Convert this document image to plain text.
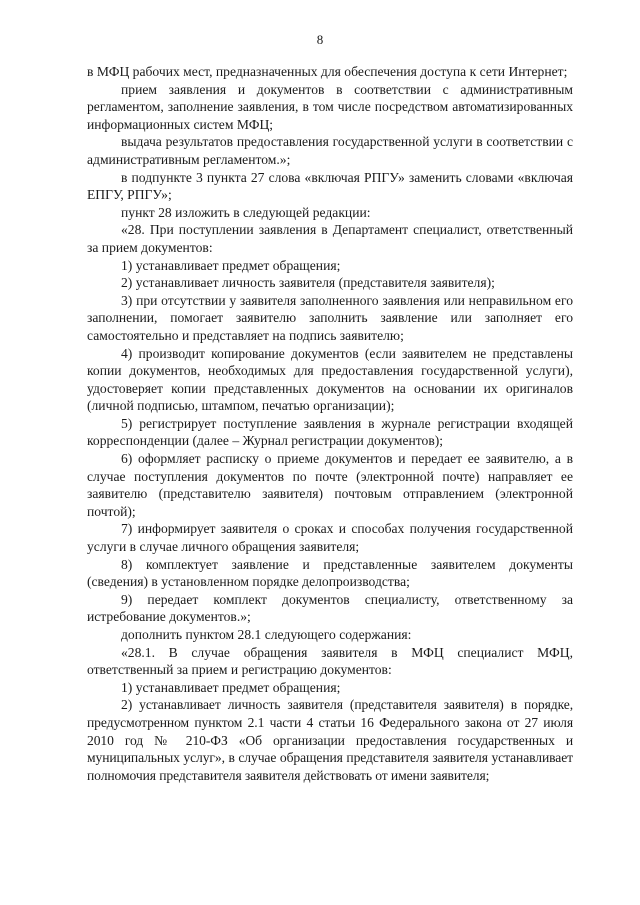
8

в МФЦ рабочих мест, предназначенных для обеспечения доступа к сети Интернет;

прием заявления и документов в соответствии с административным регламентом, заполнение заявления, в том числе посредством автоматизированных информационных систем МФЦ;

выдача результатов предоставления государственной услуги в соответствии с административным регламентом.»;

в подпункте 3 пункта 27 слова «включая РПГУ» заменить словами «включая ЕПГУ, РПГУ»;

пункт 28 изложить в следующей редакции:

«28. При поступлении заявления в Департамент специалист, ответственный за прием документов:

1) устанавливает предмет обращения;

2) устанавливает личность заявителя (представителя заявителя);

3) при отсутствии у заявителя заполненного заявления или неправильном его заполнении, помогает заявителю заполнить заявление или заполняет его самостоятельно и представляет на подпись заявителю;

4) производит копирование документов (если заявителем не представлены копии документов, необходимых для предоставления государственной услуги), удостоверяет копии представленных документов на основании их оригиналов (личной подписью, штампом, печатью организации);

5) регистрирует поступление заявления в журнале регистрации входящей корреспонденции (далее – Журнал регистрации документов);

6) оформляет расписку о приеме документов и передает ее заявителю, а в случае поступления документов по почте (электронной почте) направляет ее заявителю (представителю заявителя) почтовым отправлением (электронной почтой);

7) информирует заявителя о сроках и способах получения государственной услуги в случае личного обращения заявителя;

8) комплектует заявление и представленные заявителем документы (сведения) в установленном порядке делопроизводства;

9) передает комплект документов специалисту, ответственному за истребование документов.»;

дополнить пунктом 28.1 следующего содержания:

«28.1. В случае обращения заявителя в МФЦ специалист МФЦ, ответственный за прием и регистрацию документов:

1) устанавливает предмет обращения;

2) устанавливает личность заявителя (представителя заявителя) в порядке, предусмотренном пунктом 2.1 части 4 статьи 16 Федерального закона от 27 июля 2010 год № 210-ФЗ «Об организации предоставления государственных и муниципальных услуг», в случае обращения представителя заявителя устанавливает полномочия представителя заявителя действовать от имени заявителя;
